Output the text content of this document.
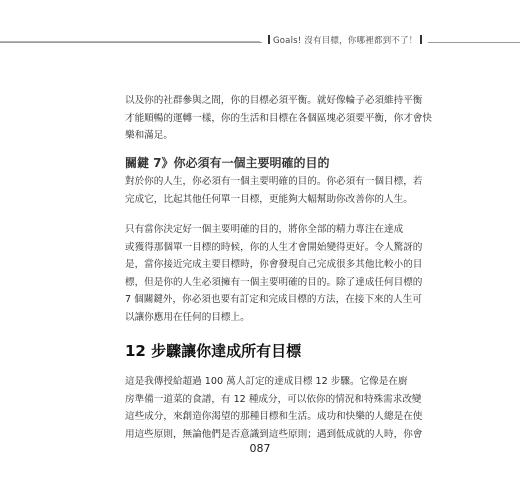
Goals! 沒有目標，你哪裡都到不了！

以及你的社群參與之間，你的目標必須平衡。就好像輪子必須維持平衡
才能順暢的運轉一樣，你的生活和目標在各個區塊必須要平衡，你才會快
樂和滿足。

關鍵 7》你必須有一個主要明確的目的

對於你的人生，你必須有一個主要明確的目的。你必須有一個目標，若
完成它，比起其他任何單一目標，更能夠大幅幫助你改善你的人生。

只有當你決定好一個主要明確的目的，將你全部的精力專注在達成
或獲得那個單一目標的時候，你的人生才會開始變得更好。令人驚訝的
是，當你接近完成主要目標時，你會發現自己完成很多其他比較小的目
標，但是你的人生必須擁有一個主要明確的目的。除了達成任何目標的
7 個關鍵外，你必須也要有訂定和完成目標的方法，在接下來的人生可
以讓你應用在任何的目標上。

12 步驟讓你達成所有目標

這是我傳授給超過 100 萬人訂定的達成目標 12 步驟。它像是在廚
房準備一道菜的食譜，有 12 種成分，可以依你的情況和特殊需求改變
這些成分，來創造你渴望的那種目標和生活。成功和快樂的人總是在使
用這些原則，無論他們是否意識到這些原則；遇到低成就的人時，你會

087
